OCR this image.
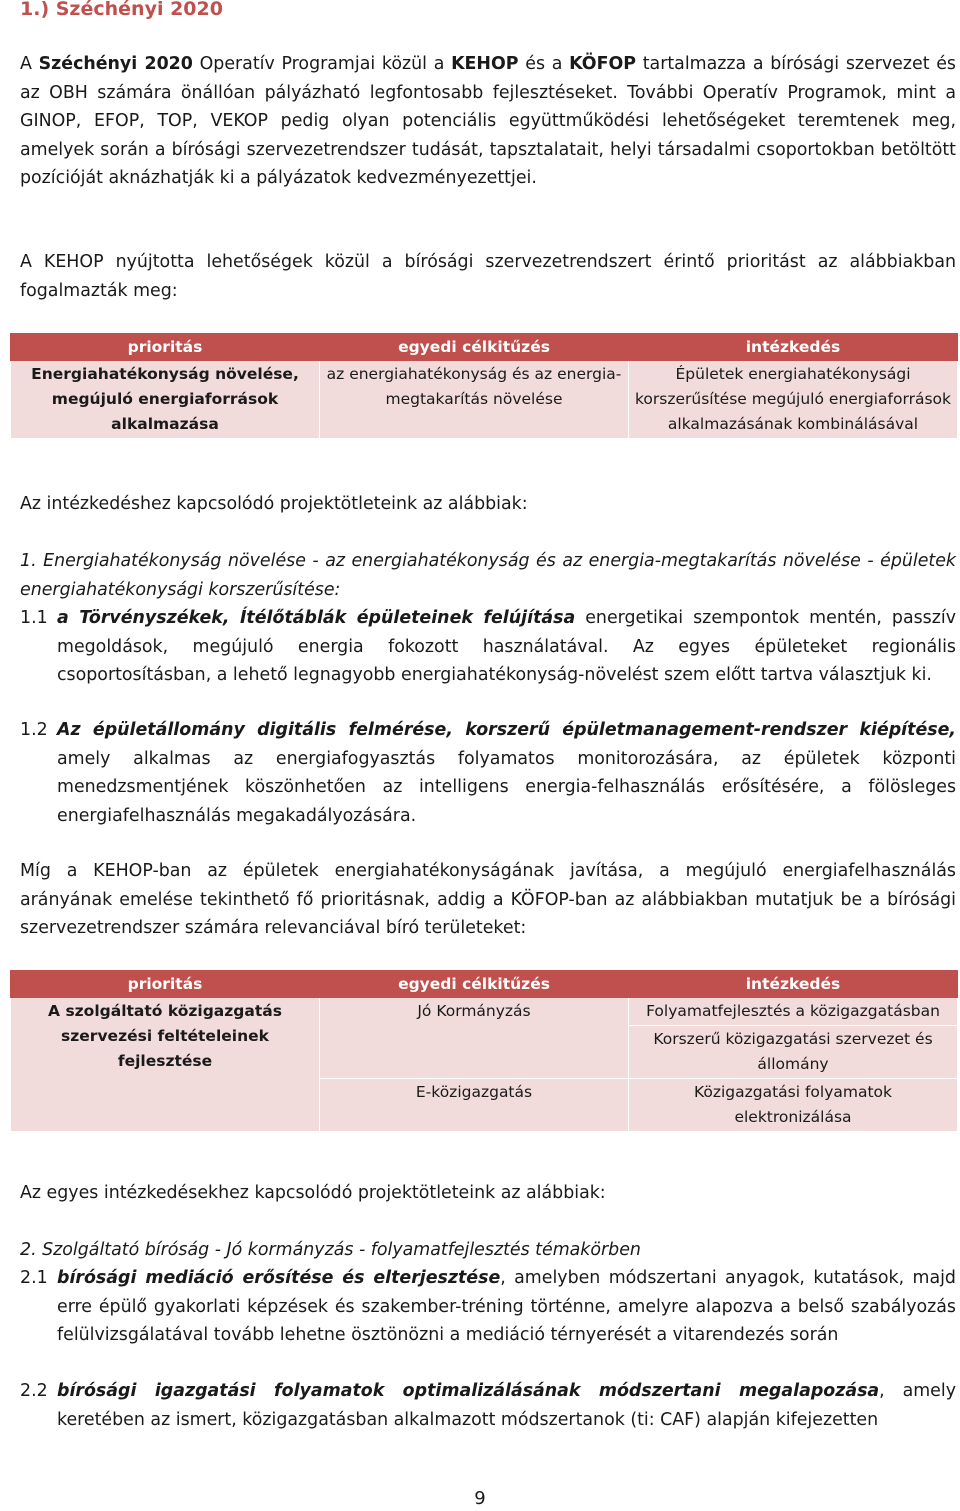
1.) Széchényi 2020
A Széchényi 2020 Operatív Programjai közül a KEHOP és a KÖFOP tartalmazza a bírósági szervezet és az OBH számára önállóan pályázható legfontosabb fejlesztéseket. További Operatív Programok, mint a GINOP, EFOP, TOP, VEKOP pedig olyan potenciális együttműködési lehetőségeket teremtenek meg, amelyek során a bírósági szervezetrendszer tudását, tapsztalatait, helyi társadalmi csoportokban betöltött pozícióját aknázhatják ki a pályázatok kedvezményezettjei.
A KEHOP nyújtotta lehetőségek közül a bírósági szervezetrendszert érintő prioritást az alábbiakban fogalmazták meg:
prioritás	egyedi célkitűzés	intézkedés
Energiahatékonyság növelése, megújuló energiaforrások alkalmazása	az energiahatékonyság és az energia-megtakarítás növelése	Épületek energiahatékonysági korszerűsítése megújuló energiaforrások alkalmazásának kombinálásával
Az intézkedéshez kapcsolódó projektötleteink az alábbiak:
1. Energiahatékonyság növelése - az energiahatékonyság és az energia-megtakarítás növelése - épületek energiahatékonysági korszerűsítése:
1.1 a Törvényszékek, Ítélőtáblák épületeinek felújítása energetikai szempontok mentén, passzív megoldások, megújuló energia fokozott használatával. Az egyes épületeket regionális csoportosításban, a lehető legnagyobb energiahatékonyság-növelést szem előtt tartva választjuk ki.
1.2 Az épületállomány digitális felmérése, korszerű épületmanagement-rendszer kiépítése, amely alkalmas az energiafogyasztás folyamatos monitorozására, az épületek központi menedzsmentjének köszönhetően az intelligens energia-felhasználás erősítésére, a fölösleges energiafelhasználás megakadályozására.
Míg a KEHOP-ban az épületek energiahatékonyságának javítása, a megújuló energiafelhasználás arányának emelése tekinthető fő prioritásnak, addig a KÖFOP-ban az alábbiakban mutatjuk be a bírósági szervezetrendszer számára relevanciával bíró területeket:
prioritás	egyedi célkitűzés	intézkedés
A szolgáltató közigazgatás szervezési feltételeinek fejlesztése	Jó Kormányzás	Folyamatfejlesztés a közigazgatásban
		Korszerű közigazgatási szervezet és állomány
	E-közigazgatás	Közigazgatási folyamatok elektronizálása
Az egyes intézkedésekhez kapcsolódó projektötleteink az alábbiak:
2. Szolgáltató bíróság - Jó kormányzás - folyamatfejlesztés témakörben
2.1 bírósági mediáció erősítése és elterjesztése, amelyben módszertani anyagok, kutatások, majd erre épülő gyakorlati képzések és szakember-tréning történne, amelyre alapozva a belső szabályozás felülvizsgálatával tovább lehetne ösztönözni a mediáció térnyerését a vitarendezés során
2.2 bírósági igazgatási folyamatok optimalizálásának módszertani megalapozása, amely keretében az ismert, közigazgatásban alkalmazott módszertanok (ti: CAF) alapján kifejezetten
9
